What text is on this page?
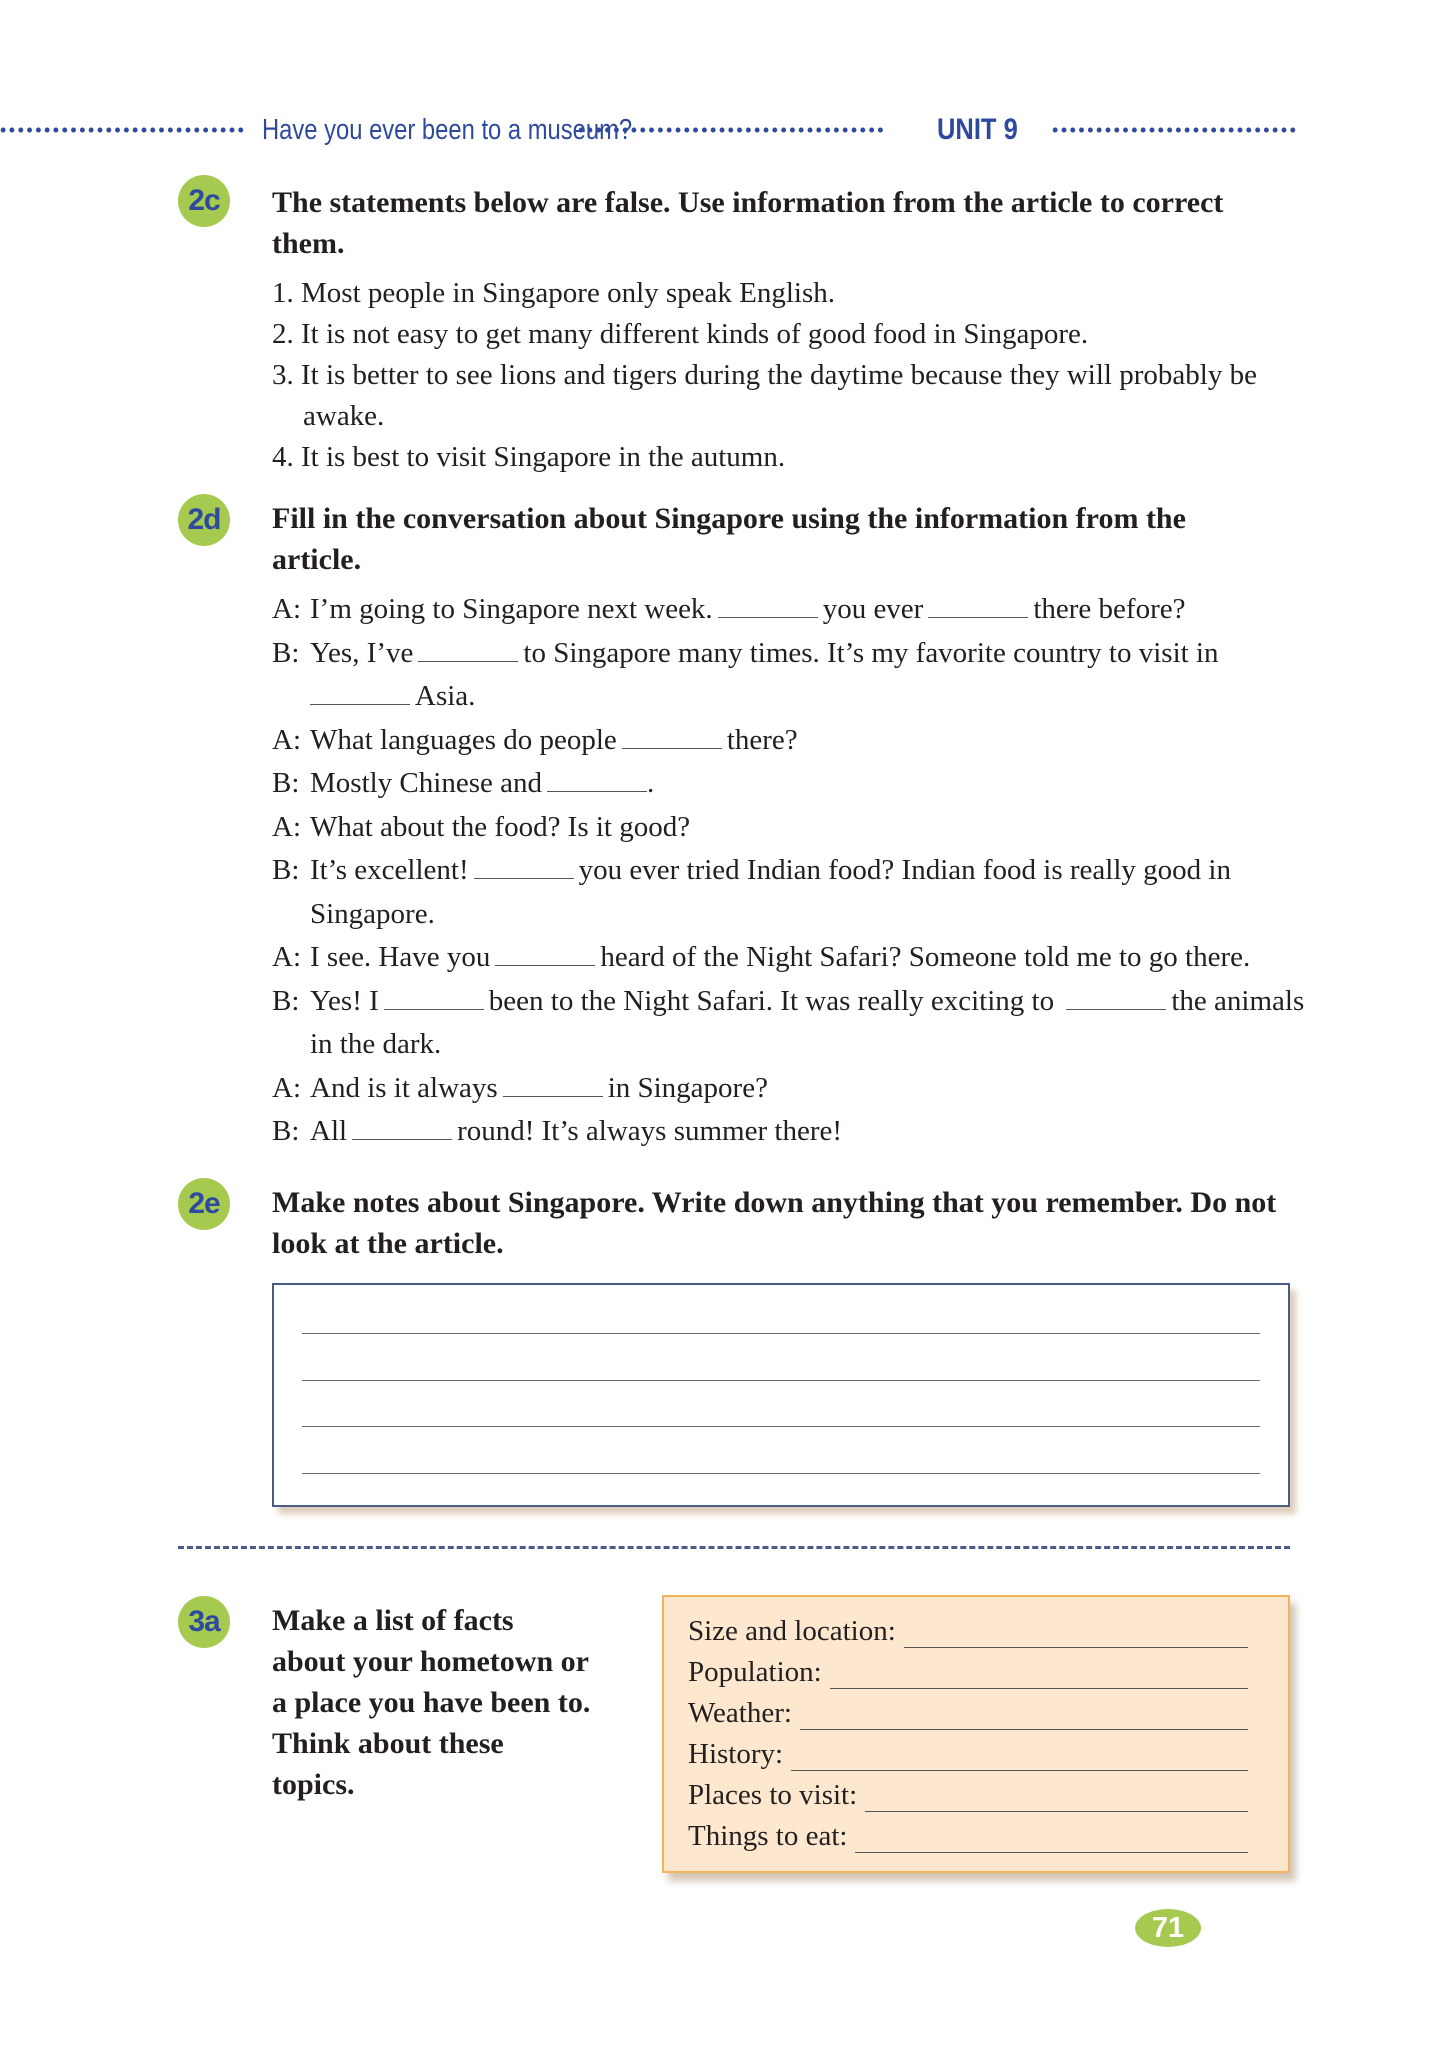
•••••••••••••••••••••••••••• Have you ever been to a museum?
•••••••••••••••••••••••••••••••••••	UNIT 9 ••••••••••••••••••••••••••••
2c	The statements below are false. Use information from the article to correct them.
1. Most people in Singapore only speak English.
2. It is not easy to get many different kinds of good food in Singapore.
3. It is better to see lions and tigers during the daytime because they will probably be awake.
4. It is best to visit Singapore in the autumn.
2d	Fill in the conversation about Singapore using the information from the article.
A: I’m going to Singapore next week.	you ever	there before?
B: Yes, I’ve	to Singapore many times. It’s my favorite country to visit in Asia.
A: What languages do people	there?
B: Mostly Chinese and	.
A: What about the food? Is it good?
B: It’s excellent!	you ever tried Indian food? Indian food is really good in Singapore.
A: I see. Have you	heard of the Night Safari? Someone told me to go there.
B: Yes! I	been to the Night Safari. It was really exciting to	the animals in the dark.
A: And is it always	in Singapore?
B: All	round! It’s always summer there!
2e	Make notes about Singapore. Write down anything that you remember. Do not look at the article.
3a	Make a list of facts about your hometown or a place you have been to. Think about these topics.
Size and location:
Population:
Weather:
History:
Places to visit:
Things to eat:
71
